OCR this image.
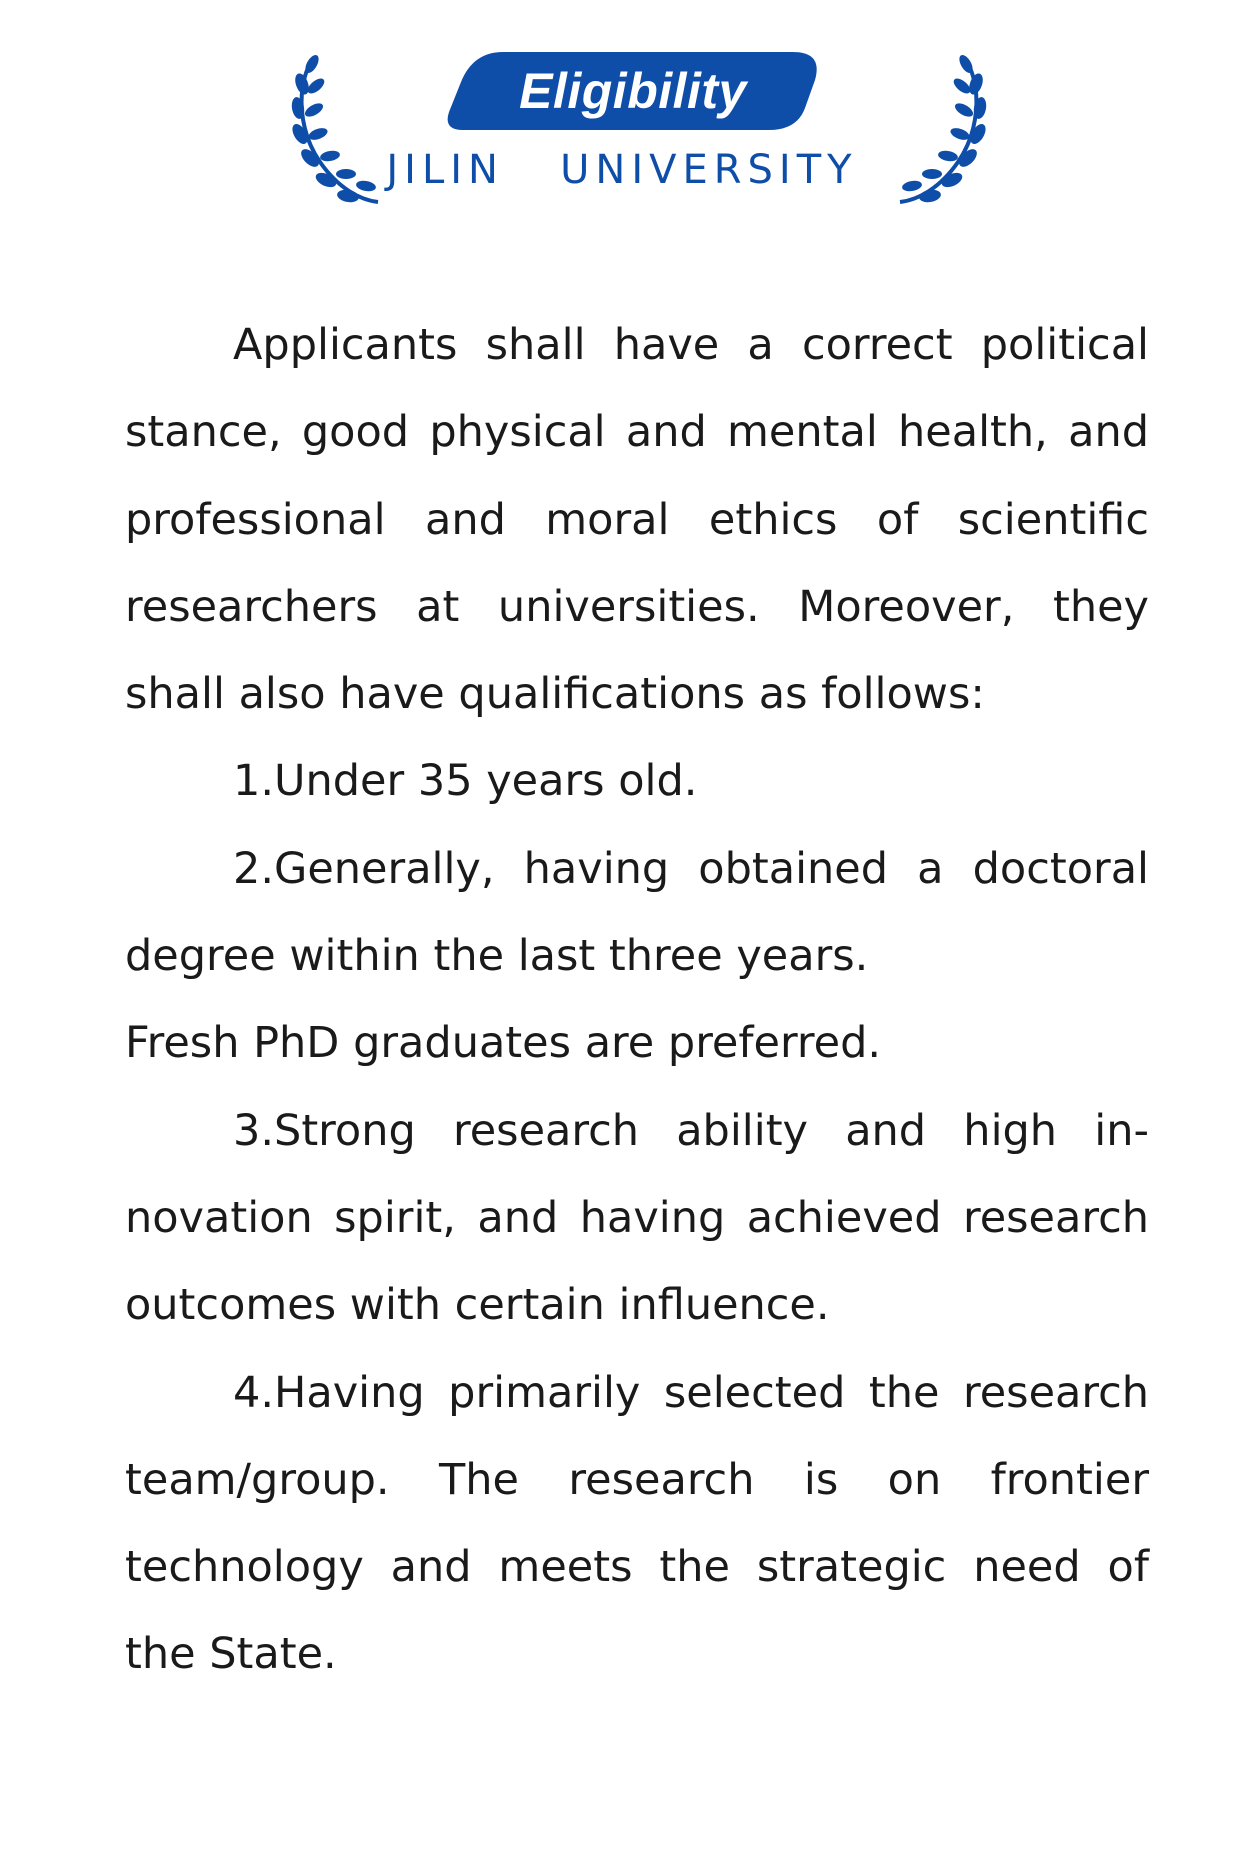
Eligibility
JILIN   UNIVERSITY

Applicants shall have a correct political stance, good physical and mental health, and professional and moral ethics of scientific researchers at universities. Moreover, they shall also have qualifications as follows:

1.Under 35 years old.

2.Generally, having obtained a doctoral degree within the last three years.

Fresh PhD graduates are preferred.

3.Strong research ability and high innovation spirit, and having achieved research outcomes with certain influence.

4.Having primarily selected the research team/group. The research is on frontier technology and meets the strategic need of the State.
